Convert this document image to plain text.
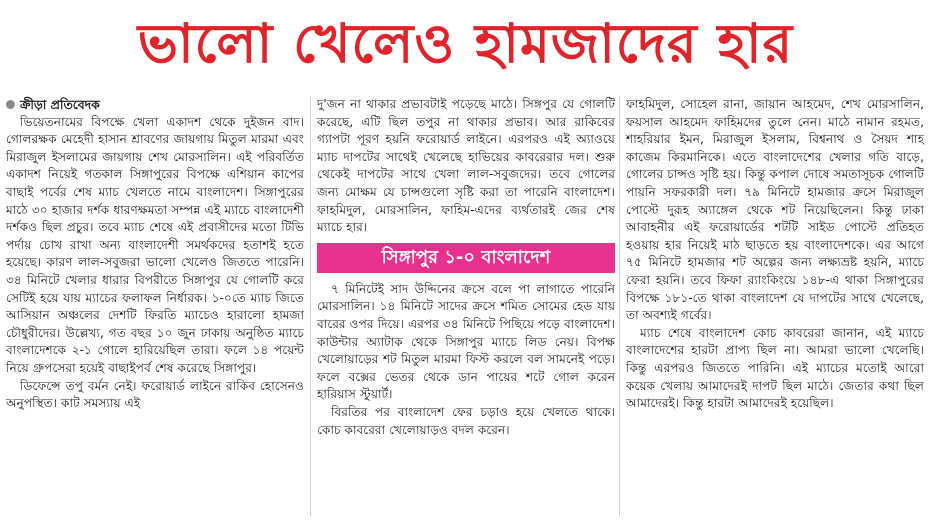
ভালো খেলেও হামজাদের হার
ক্রীড়া প্রতিবেদক

ভিয়েতনামের বিপক্ষে খেলা একাদশ থেকে দুইজন বাদ। গোলরক্ষক মেহেদী হাসান শ্রাবণের জায়গায় মিতুল মারমা এবং মিরাজুল ইসলামের জায়গায় শেখ মোরসালিন। এই পরিবর্তিত একাদশ নিয়েই গতকাল সিঙ্গাপুরের বিপক্ষে এশিয়ান কাপের বাছাই পর্বের শেষ ম্যাচ খেলতে নামে বাংলাদেশ। সিঙ্গাপুরের মাঠে ৩০ হাজার দর্শক ধারণক্ষমতা সম্পন্ন এই ম্যাচে বাংলাদেশী দর্শকও ছিল প্রচুর। তবে ম্যাচ শেষে এই প্রবাসীদের মতো টিভি পর্দায় চোখ রাখা অন্য বাংলাদেশী সমর্থকদের হতাশই হতে হয়েছে। কারণ লাল-সবুজরা ভালো খেলেও জিততে পারেনি। ৩৪ মিনিটে খেলার ধারার বিপরীতে সিঙ্গাপুর যে গোলটি করে সেটিই হয়ে যায় ম্যাচের ফলাফল নির্ধারক। ১-০তে ম্যাচ জিতে আসিয়ান অঞ্চলের দেশটি ফিরতি ম্যাচেও হারালো হামজা চৌধুরীদের। উল্লেখ্য, গত বছর ১০ জুন ঢাকায় অনুষ্ঠিত ম্যাচে বাংলাদেশকে ২-১ গোলে হারিয়েছিল তারা। ফলে ১৪ পয়েন্ট নিয়ে গ্রুপসেরা হয়েই বাছাইপর্ব শেষ করেছে সিঙ্গাপুর।

ডিফেন্সে তপু বর্মন নেই। ফরোয়ার্ড লাইনে রাকিব হোসেনও অনুপস্থিত। কাট সমস্যায় এই

দু'জন না থাকার প্রভাবটাই পড়েছে মাঠে। সিঙ্গপুর যে গোলটি করেছে, এটি ছিল তপুর না থাকার প্রভাব। আর রাকিবের গ্যাপটা পূরণ হয়নি ফরোয়ার্ড লাইনে। এরপরও এই অ্যাওয়ে ম্যাচ দাপটের সাথেই খেলেছে হাভিয়ের কাবরেরার দল। শুরু থেকেই দাপটের সাথে খেলা লাল-সবুজদের। তবে গোলের জন্য মোক্ষম যে চান্সগুলো সৃষ্টি করা তা পারেনি বাংলাদেশ। ফাহমিদুল, মোরসালিন, ফাহিম-এদের ব্যর্থতারই জের শেষ ম্যাচে হার।

সিঙ্গাপুর ১-০ বাংলাদেশ

৭ মিনিটেই সাদ উদ্দিনের ক্রসে বলে পা লাগাতে পারেনি মোরসালিন। ১৪ মিনিটে সাদের ক্রসে শমিত সোমের হেড যায় বারের ওপর দিয়ে। এরপর ৩৪ মিনিটে পিছিয়ে পড়ে বাংলাদেশ। কাউন্টার অ্যাটাক থেকে সিঙ্গাপুর ম্যাচে লিড নেয়। বিপক্ষ খেলোয়াড়ের শট মিতুল মারমা ফিস্ট করলে বল সামনেই পড়ে। ফলে বক্সের ভেতর থেকে ডান পায়ের শটে গোল করেন হারিয়াস স্টুয়ার্ট।

বিরতির পর বাংলাদেশ ফের চড়াও হয়ে খেলতে থাকে। কোচ কাবরেরা খেলোয়াড়ও বদল করেন।

ফাহমিদুল, সোহেল রানা, জায়ান আহমেদ, শেখ মোরসালিন, ফয়সাল আহমেদ ফাহিমদের তুলে নেন। মাঠে নামান রহমত, শাহরিয়ার ইমন, মিরাজুল ইসলাম, বিশ্বনাথ ও সৈয়দ শাহ কাজেম কিরমানিকে। এতে বাংলাদেশের খেলার গতি বাড়ে, গোলের চান্সও সৃষ্টি হয়। কিন্তু কপাল দোষে সমতাসূচক গোলটি পায়নি সফরকারী দল। ৭৯ মিনিটে হামজার ক্রসে মিরাজুল পোস্টে দুরূহ অ্যাঙ্গেল থেকে শট নিয়েছিলেন। কিন্তু ঢাকা আবাহনীর এই ফরোয়ার্ডের শটটি সাইড পোস্টে প্রতিহত হওয়ায় হার নিয়েই মাঠ ছাড়তে হয় বাংলাদেশকে। এর আগে ৭৫ মিনিটে হামজার শট অল্পের জন্য লক্ষ্যভ্রষ্ট হয়নি, ম্যাচে ফেরা হয়নি। তবে ফিফা র‍্যাংকিংয়ে ১৪৮-এ থাকা সিঙ্গাপুরের বিপক্ষে ১৮১-তে থাকা বাংলাদেশ যে দাপটের সাথে খেলেছে, তা অবশ্যই গর্বের।

ম্যাচ শেষে বাংলাদেশ কোচ কাবরেরা জানান, এই ম্যাচে বাংলাদেশের হারটা প্রাপ্য ছিল না। আমরা ভালো খেলেছি। কিন্তু এরপরও জিততে পারিনি। এই ম্যাচের মতোই আরো কয়েক খেলায় আমাদেরই দাপট ছিল মাঠে। জেতার কথা ছিল আমাদেরই। কিন্তু হারটা আমাদেরই হয়েছিল।
